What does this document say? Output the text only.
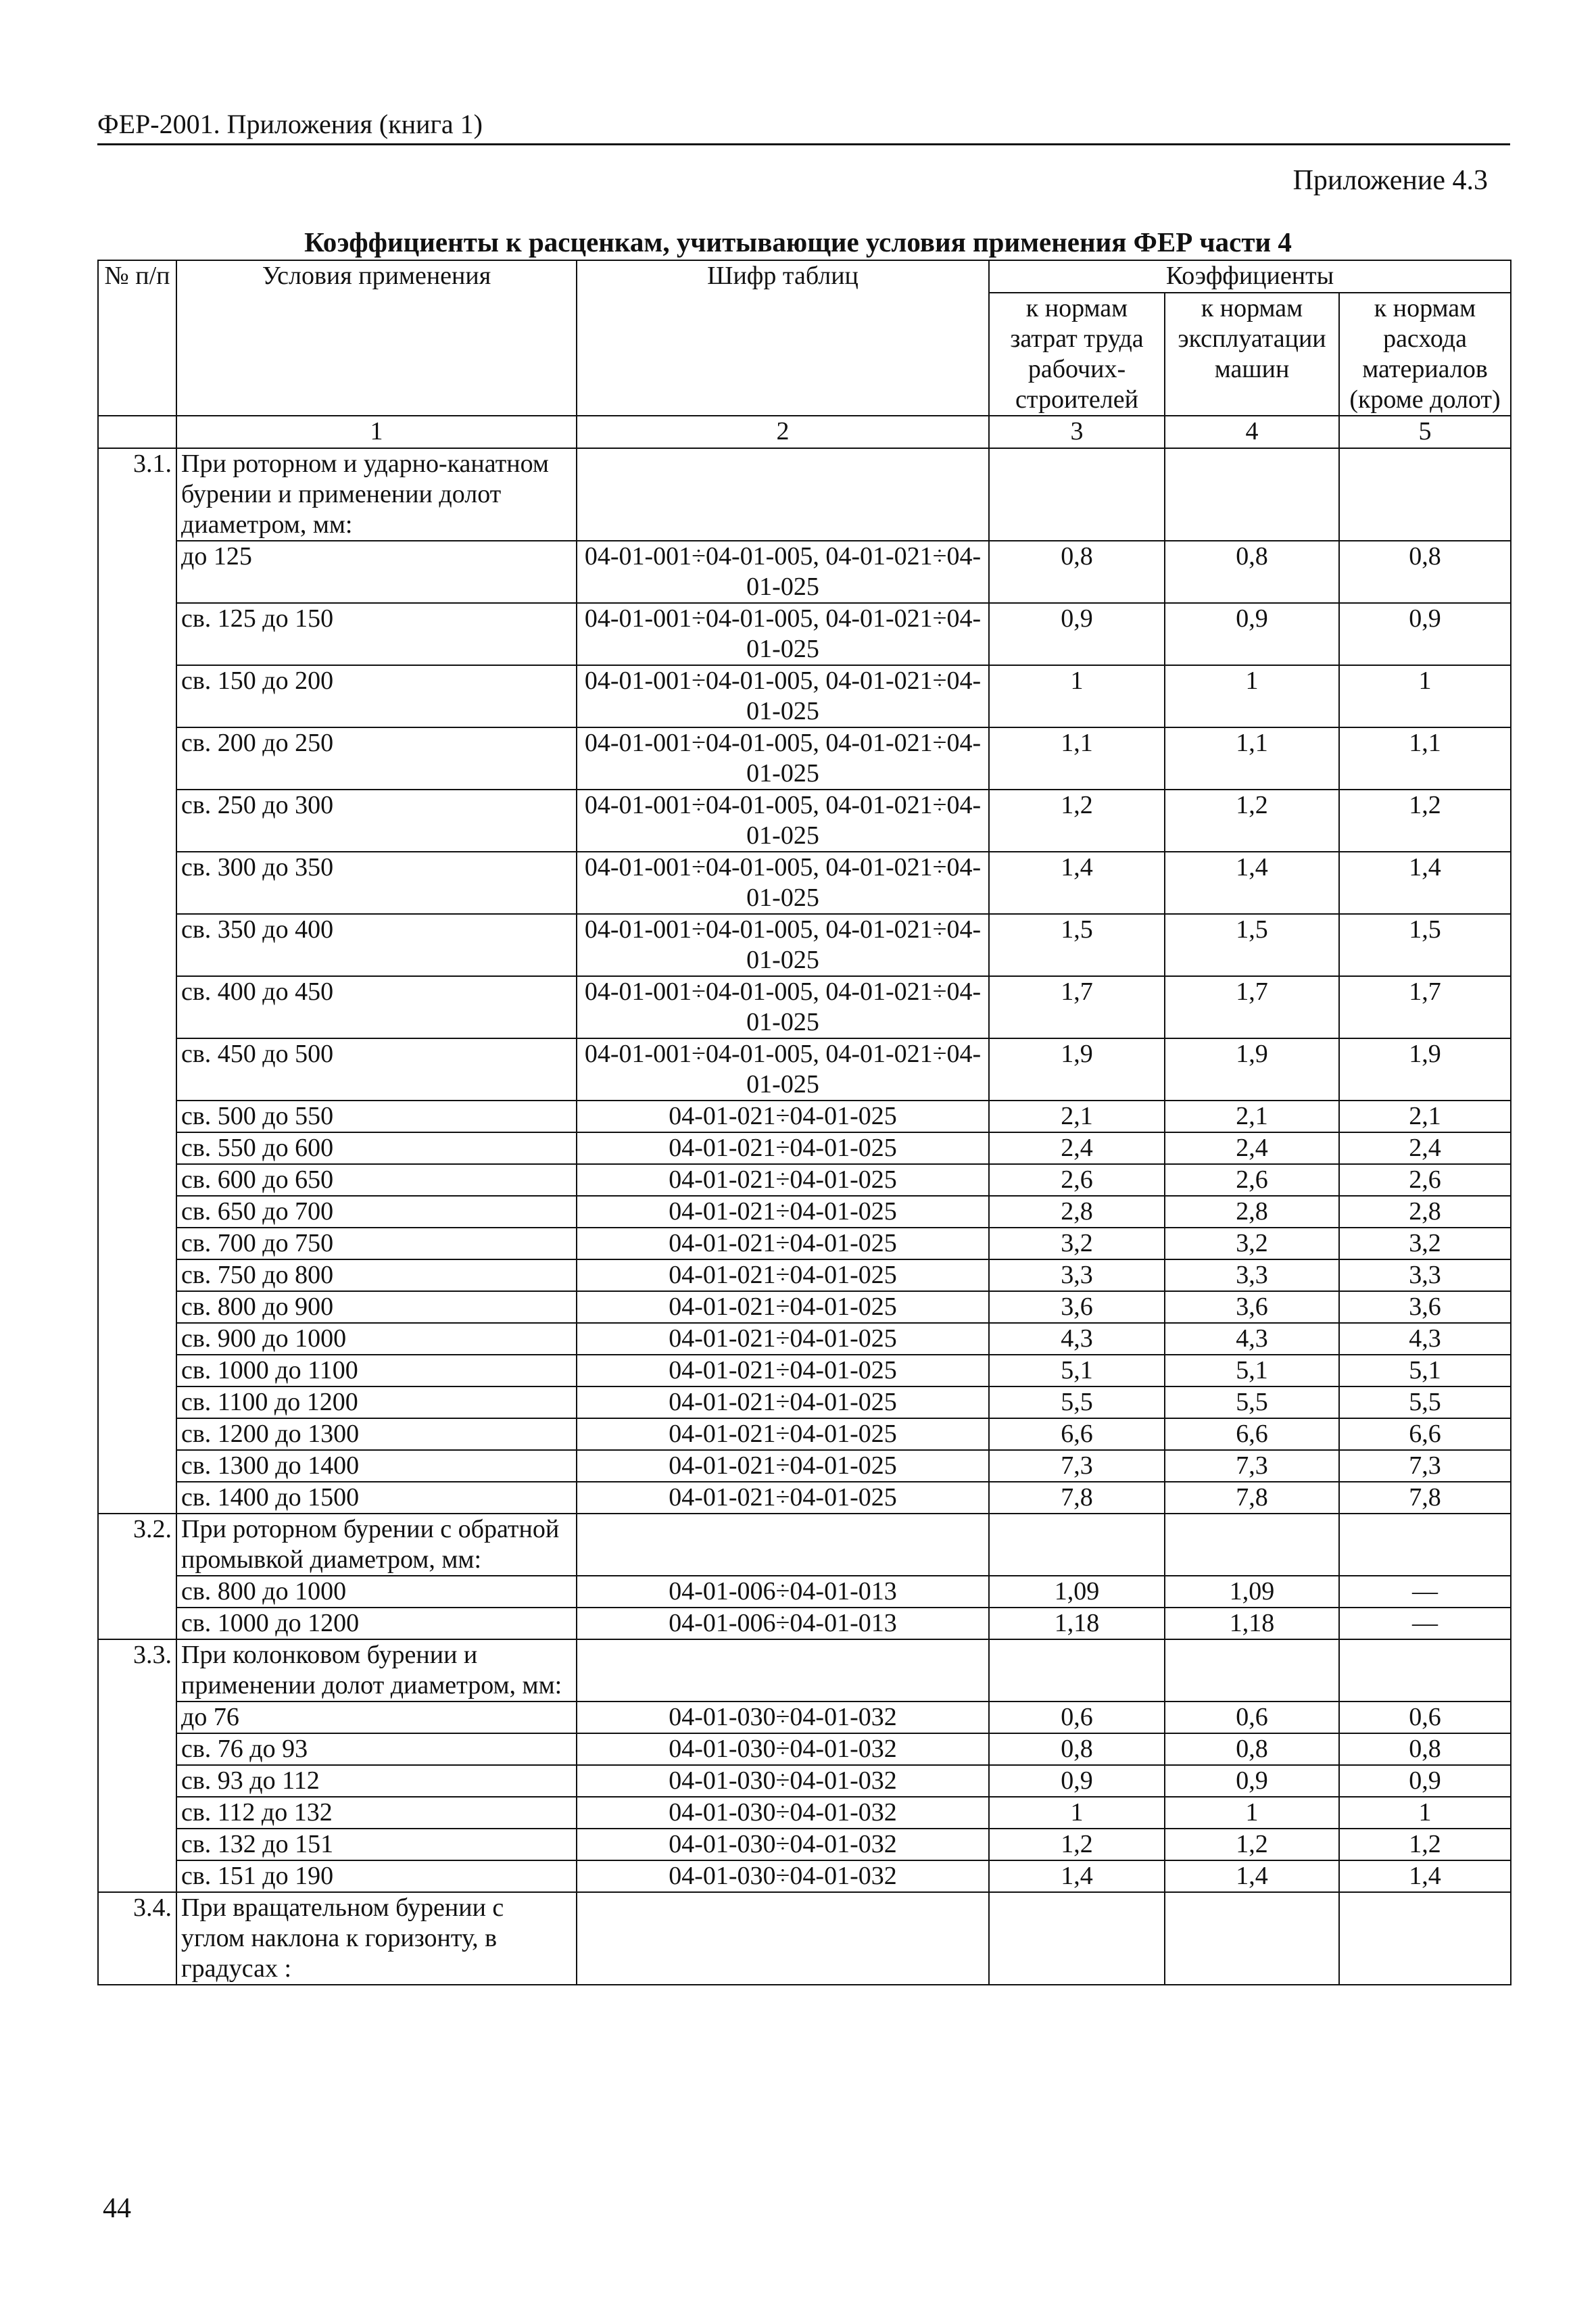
ФЕР-2001. Приложения (книга 1)
Приложение 4.3
Коэффициенты к расценкам, учитывающие условия применения ФЕР части 4
№ п/п	Условия применения	Шифр таблиц	Коэффициенты		
			к нормам затрат труда рабочих-строителей	к нормам эксплуатации машин	к нормам расхода материалов (кроме долот)
	1	2	3	4	5
3.1.	При роторном и ударно-канатном бурении и применении долот диаметром, мм:				
	до 125	04-01-001÷04-01-005, 04-01-021÷04-01-025	0,8	0,8	0,8
	св. 125 до 150	04-01-001÷04-01-005, 04-01-021÷04-01-025	0,9	0,9	0,9
	св. 150 до 200	04-01-001÷04-01-005, 04-01-021÷04-01-025	1	1	1
	св. 200 до 250	04-01-001÷04-01-005, 04-01-021÷04-01-025	1,1	1,1	1,1
	св. 250 до 300	04-01-001÷04-01-005, 04-01-021÷04-01-025	1,2	1,2	1,2
	св. 300 до 350	04-01-001÷04-01-005, 04-01-021÷04-01-025	1,4	1,4	1,4
	св. 350 до 400	04-01-001÷04-01-005, 04-01-021÷04-01-025	1,5	1,5	1,5
	св. 400 до 450	04-01-001÷04-01-005, 04-01-021÷04-01-025	1,7	1,7	1,7
	св. 450 до 500	04-01-001÷04-01-005, 04-01-021÷04-01-025	1,9	1,9	1,9
	св. 500 до 550	04-01-021÷04-01-025	2,1	2,1	2,1
	св. 550 до 600	04-01-021÷04-01-025	2,4	2,4	2,4
	св. 600 до 650	04-01-021÷04-01-025	2,6	2,6	2,6
	св. 650 до 700	04-01-021÷04-01-025	2,8	2,8	2,8
	св. 700 до 750	04-01-021÷04-01-025	3,2	3,2	3,2
	св. 750 до 800	04-01-021÷04-01-025	3,3	3,3	3,3
	св. 800 до 900	04-01-021÷04-01-025	3,6	3,6	3,6
	св. 900 до 1000	04-01-021÷04-01-025	4,3	4,3	4,3
	св. 1000 до 1100	04-01-021÷04-01-025	5,1	5,1	5,1
	св. 1100 до 1200	04-01-021÷04-01-025	5,5	5,5	5,5
	св. 1200 до 1300	04-01-021÷04-01-025	6,6	6,6	6,6
	св. 1300 до 1400	04-01-021÷04-01-025	7,3	7,3	7,3
	св. 1400 до 1500	04-01-021÷04-01-025	7,8	7,8	7,8
3.2.	При роторном бурении с обратной промывкой диаметром, мм:				
	св. 800 до 1000	04-01-006÷04-01-013	1,09	1,09	—
	св. 1000 до 1200	04-01-006÷04-01-013	1,18	1,18	—
3.3.	При колонковом бурении и применении долот диаметром, мм:				
	до 76	04-01-030÷04-01-032	0,6	0,6	0,6
	св. 76 до 93	04-01-030÷04-01-032	0,8	0,8	0,8
	св. 93 до 112	04-01-030÷04-01-032	0,9	0,9	0,9
	св. 112 до 132	04-01-030÷04-01-032	1	1	1
	св. 132 до 151	04-01-030÷04-01-032	1,2	1,2	1,2
	св. 151 до 190	04-01-030÷04-01-032	1,4	1,4	1,4
3.4.	При вращательном бурении с углом наклона к горизонту, в градусах :				
44
